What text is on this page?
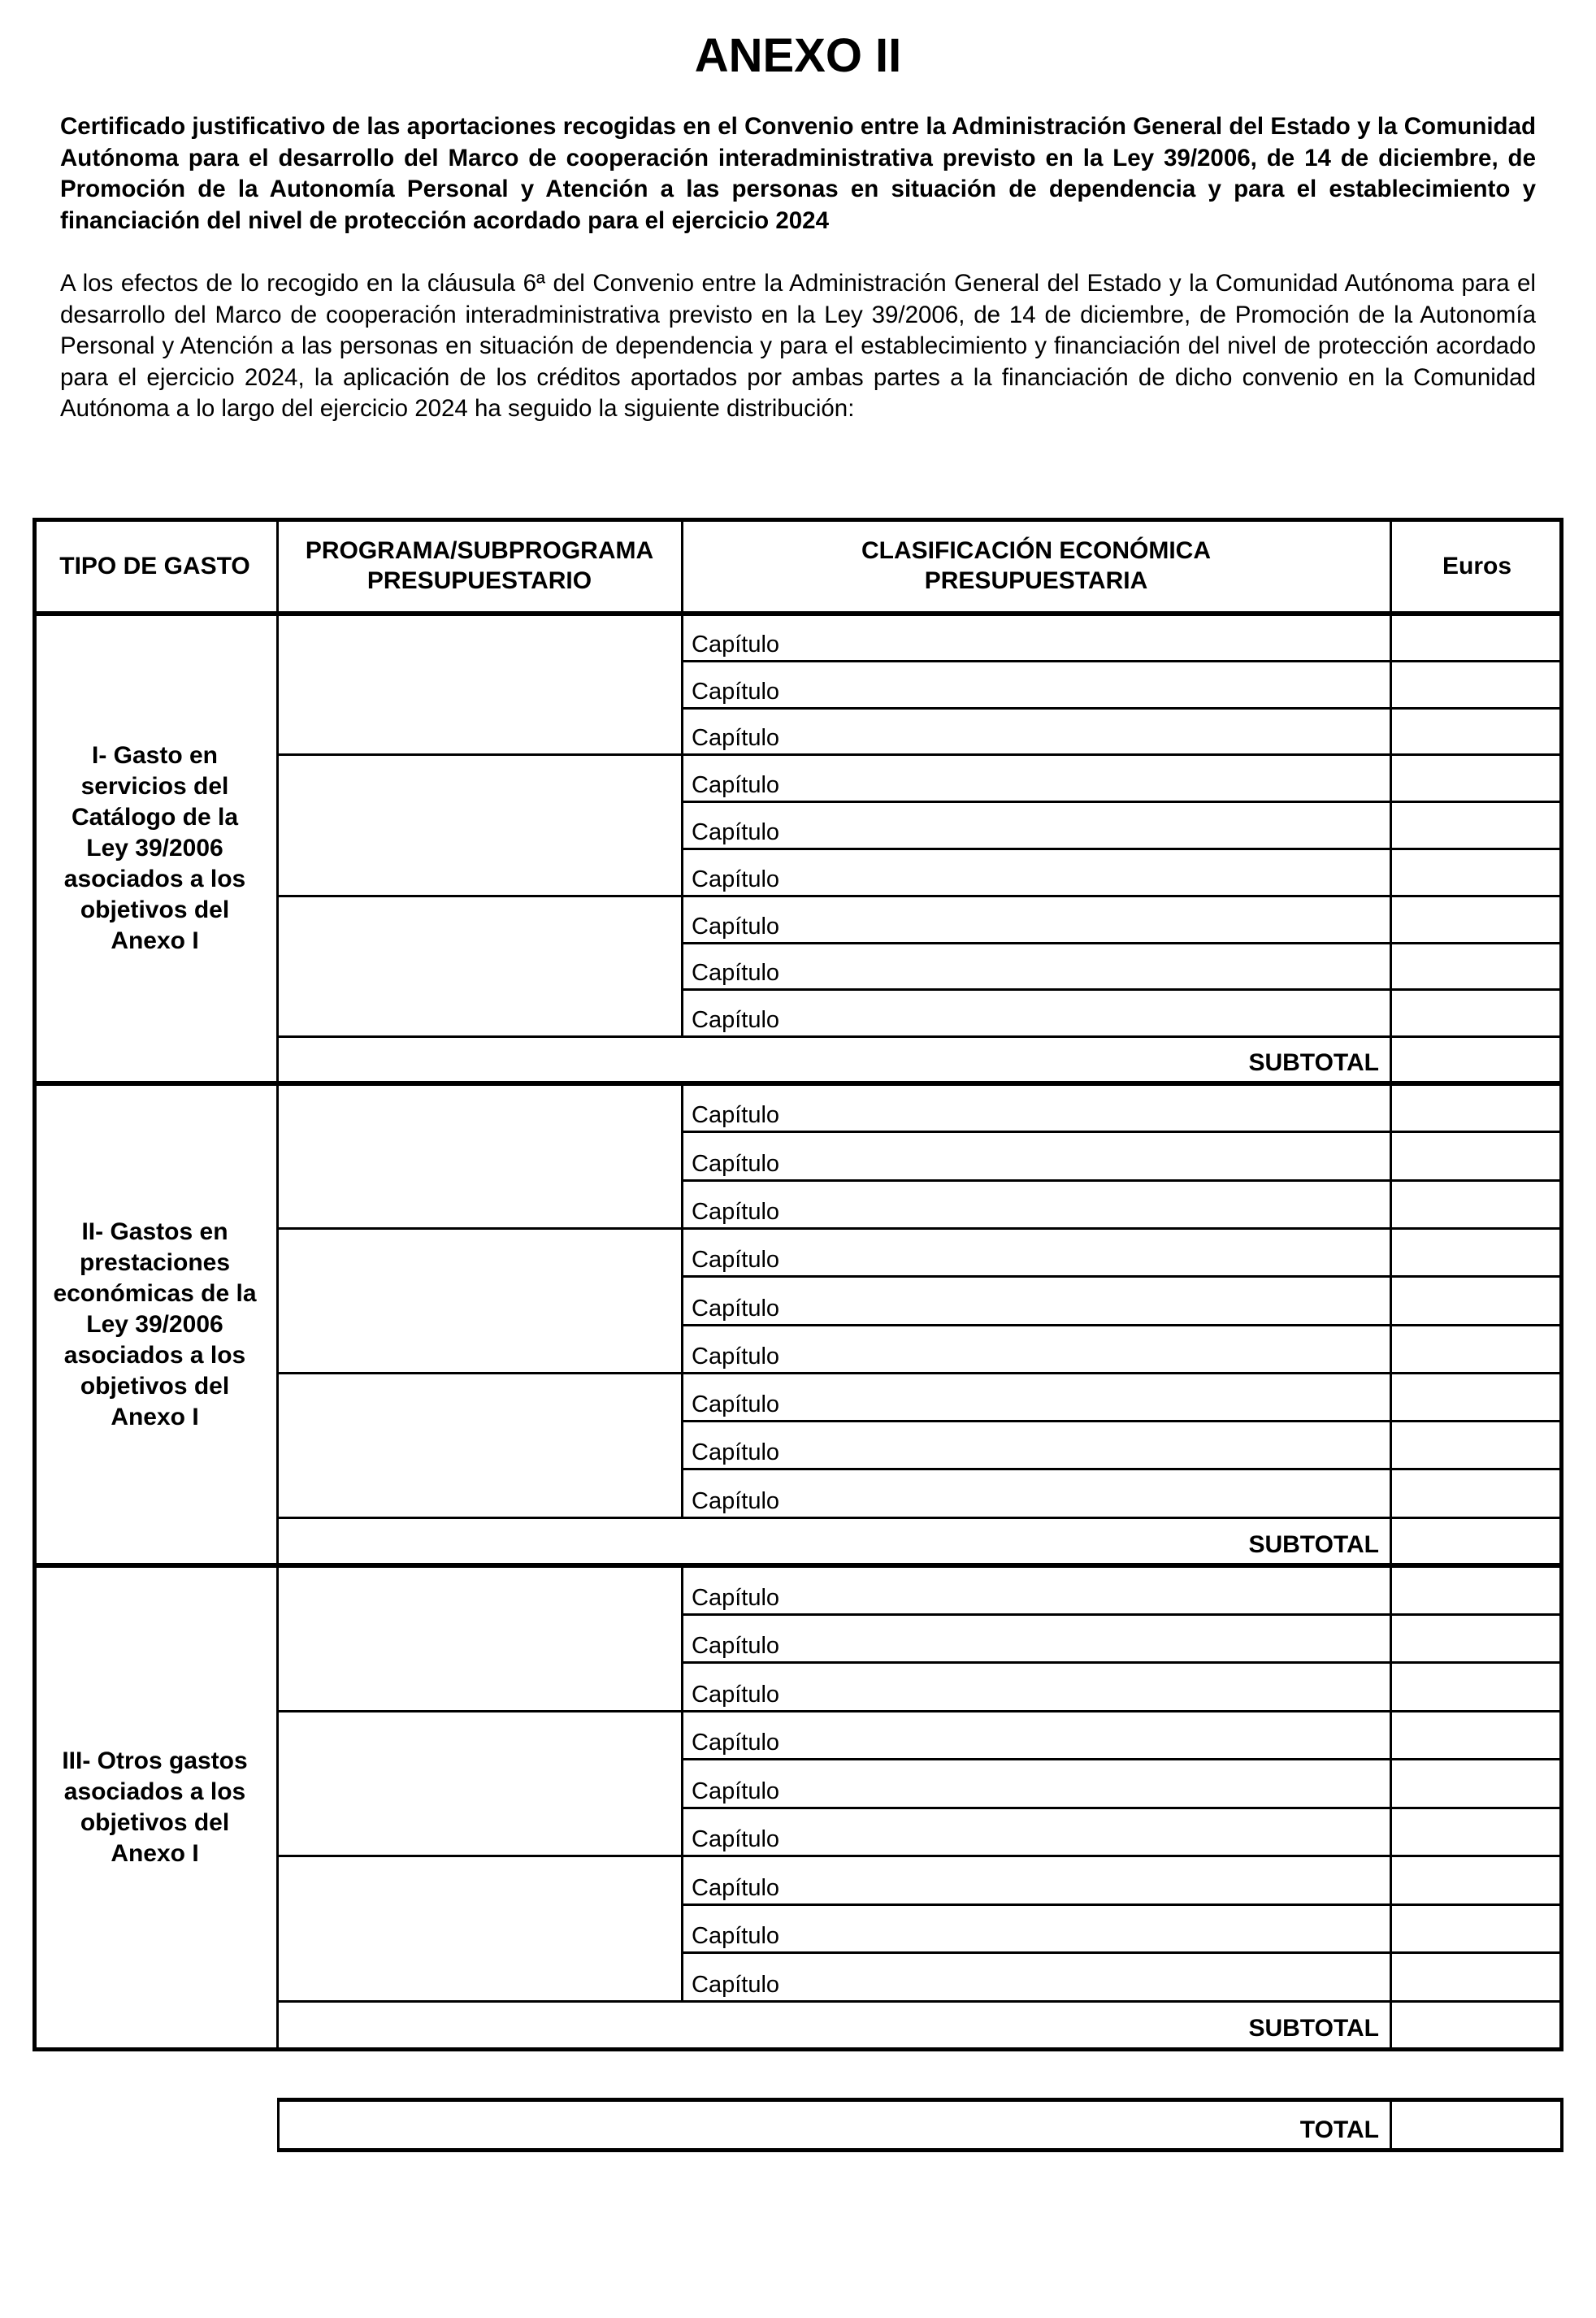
ANEXO II

Certificado justificativo de las aportaciones recogidas en el Convenio entre la Administración General del Estado y la Comunidad Autónoma para el desarrollo del Marco de cooperación interadministrativa previsto en la Ley 39/2006, de 14 de diciembre, de Promoción de la Autonomía Personal y Atención a las personas en situación de dependencia y para el establecimiento y financiación del nivel de protección acordado para el ejercicio 2024

A los efectos de lo recogido en la cláusula 6ª del Convenio entre la Administración General del Estado y la Comunidad Autónoma para el desarrollo del Marco de cooperación interadministrativa previsto en la Ley 39/2006, de 14 de diciembre, de Promoción de la Autonomía Personal y Atención a las personas en situación de dependencia y para el establecimiento y financiación del nivel de protección acordado para el ejercicio 2024, la aplicación de los créditos aportados por ambas partes a la financiación de dicho convenio en la Comunidad Autónoma a lo largo del ejercicio 2024 ha seguido la siguiente distribución:

TIPO DE GASTO
PROGRAMA/SUBPROGRAMA
PRESUPUESTARIO
CLASIFICACIÓN ECONÓMICA
PRESUPUESTARIA
Euros
I- Gasto en
servicios del
Catálogo de la
Ley 39/2006
asociados a los
objetivos del
Anexo I
Capítulo
Capítulo
Capítulo
Capítulo
Capítulo
Capítulo
Capítulo
Capítulo
Capítulo
SUBTOTAL
II- Gastos en
prestaciones
económicas de la
Ley 39/2006
asociados a los
objetivos del
Anexo I
Capítulo
Capítulo
Capítulo
Capítulo
Capítulo
Capítulo
Capítulo
Capítulo
Capítulo
SUBTOTAL
III- Otros gastos
asociados a los
objetivos del
Anexo I
Capítulo
Capítulo
Capítulo
Capítulo
Capítulo
Capítulo
Capítulo
Capítulo
Capítulo
SUBTOTAL
TOTAL
